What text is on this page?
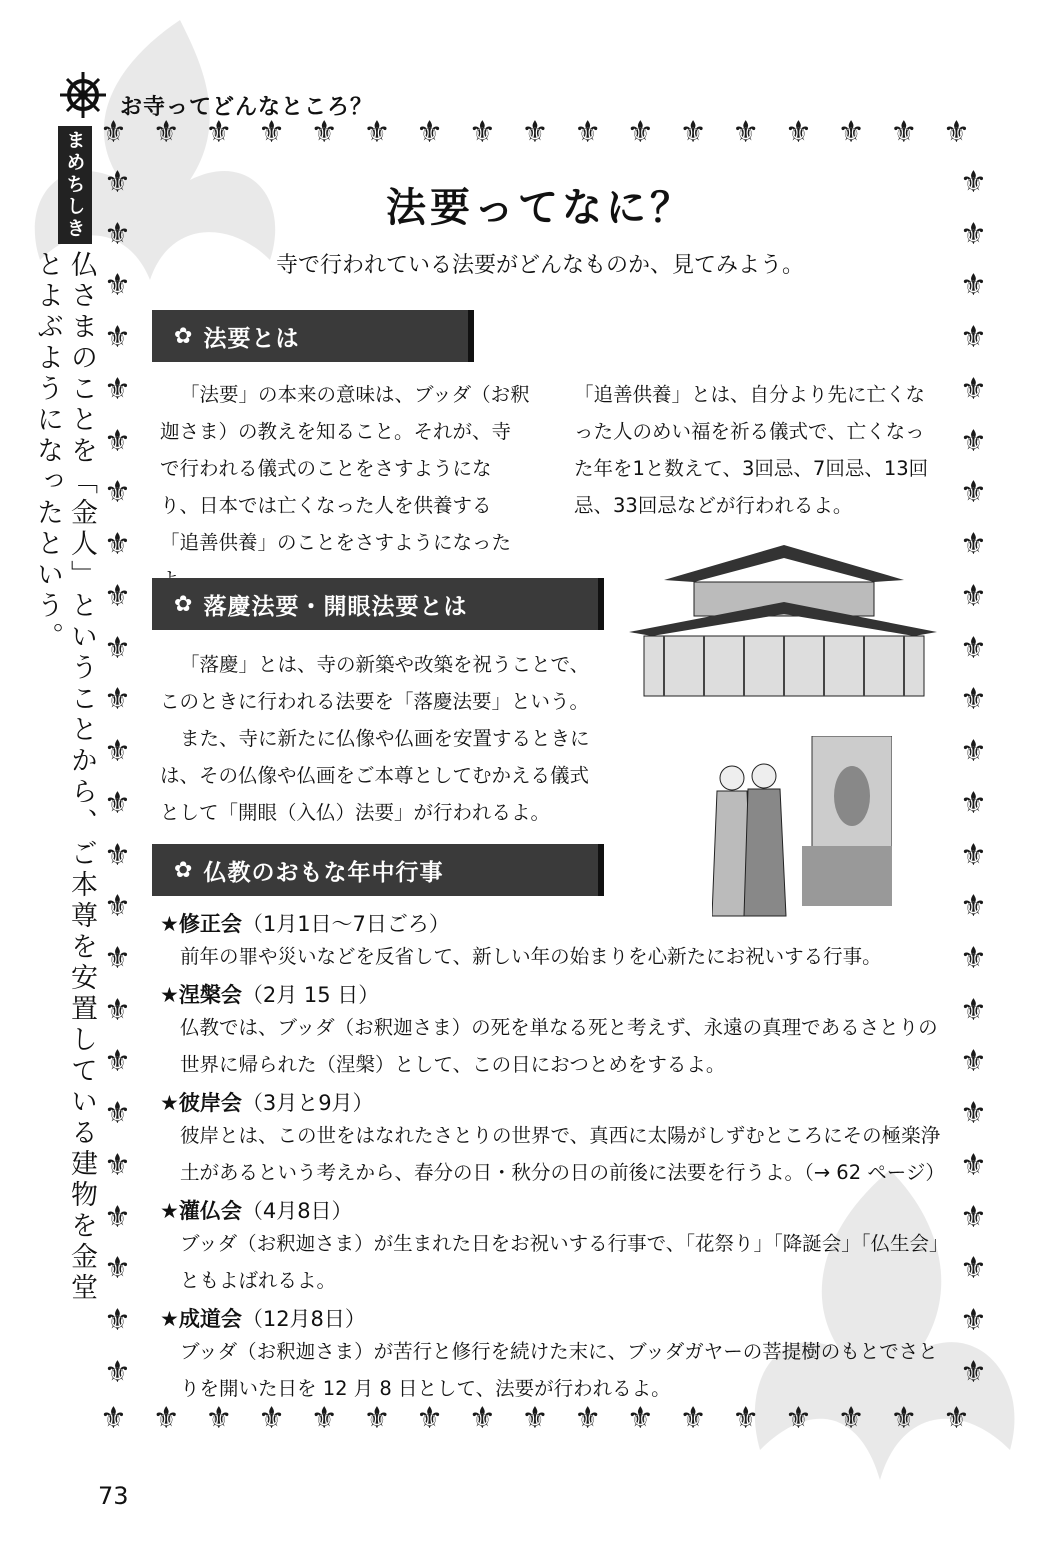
お寺ってどんなところ？
まめちしき
仏さまのことを「金人」ということから、ご本尊を安置している建物を金堂とよぶようになったという。
⚜ ⚜ ⚜ ⚜ ⚜ ⚜ ⚜ ⚜ ⚜ ⚜ ⚜ ⚜ ⚜ ⚜ ⚜ ⚜ ⚜
⚜ ⚜ ⚜ ⚜ ⚜ ⚜ ⚜ ⚜ ⚜ ⚜ ⚜ ⚜ ⚜ ⚜ ⚜ ⚜ ⚜
⚜
⚜
⚜
⚜
⚜
⚜
⚜
⚜
⚜
⚜
⚜
⚜
⚜
⚜
⚜
⚜
⚜
⚜
⚜
⚜
⚜
⚜
⚜
⚜
⚜
⚜
⚜
⚜
⚜
⚜
⚜
⚜
⚜
⚜
⚜
⚜
⚜
⚜
⚜
⚜
⚜
⚜
⚜
⚜
⚜
⚜
⚜
⚜
法要ってなに？
寺で行われている法要がどんなものか、見てみよう。
✿ 法要とは
「法要」の本来の意味は、ブッダ（お釈迦さま）の教えを知ること。それが、寺で行われる儀式のことをさすようになり、日本では亡くなった人を供養する「追善供養」のことをさすようになった
「追善供養」とは、自分より先に亡くなった人のめい福を祈る儀式で、亡くなった年を1と数えて、3回忌、7回忌、13回忌、33回忌などが行われるよ。
✿ 落慶法要・開眼法要とは
「落慶」とは、寺の新築や改築を祝うことで、このときに行われる法要を「落慶法要」という。
また、寺に新たに仏像や仏画を安置するときには、その仏像や仏画をご本尊としてむかえる儀式として「開眼（入仏）法要」が行われるよ。
✿ 仏教のおもな年中行事
★修正会（1月1日～7日ごろ）
前年の罪や災いなどを反省して、新しい年の始まりを心新たにお祝いする行事。
★涅槃会（2月 15 日）
仏教では、ブッダ（お釈迦さま）の死を単なる死と考えず、永遠の真理であるさとりの世界に帰られた（涅槃）として、この日におつとめをするよ。
★彼岸会（3月と9月）
彼岸とは、この世をはなれたさとりの世界で、真西に太陽がしずむところにその極楽浄土があるという考えから、春分の日・秋分の日の前後に法要を行うよ。（→ 62 ページ）
★灌仏会（4月8日）
ブッダ（お釈迦さま）が生まれた日をお祝いする行事で、「花祭り」「降誕会」「仏生会」ともよばれるよ。
★成道会（12月8日）
ブッダ（お釈迦さま）が苦行と修行を続けた末に、ブッダガヤーの菩提樹のもとでさとりを開いた日を 12 月 8 日として、法要が行われるよ。
73
